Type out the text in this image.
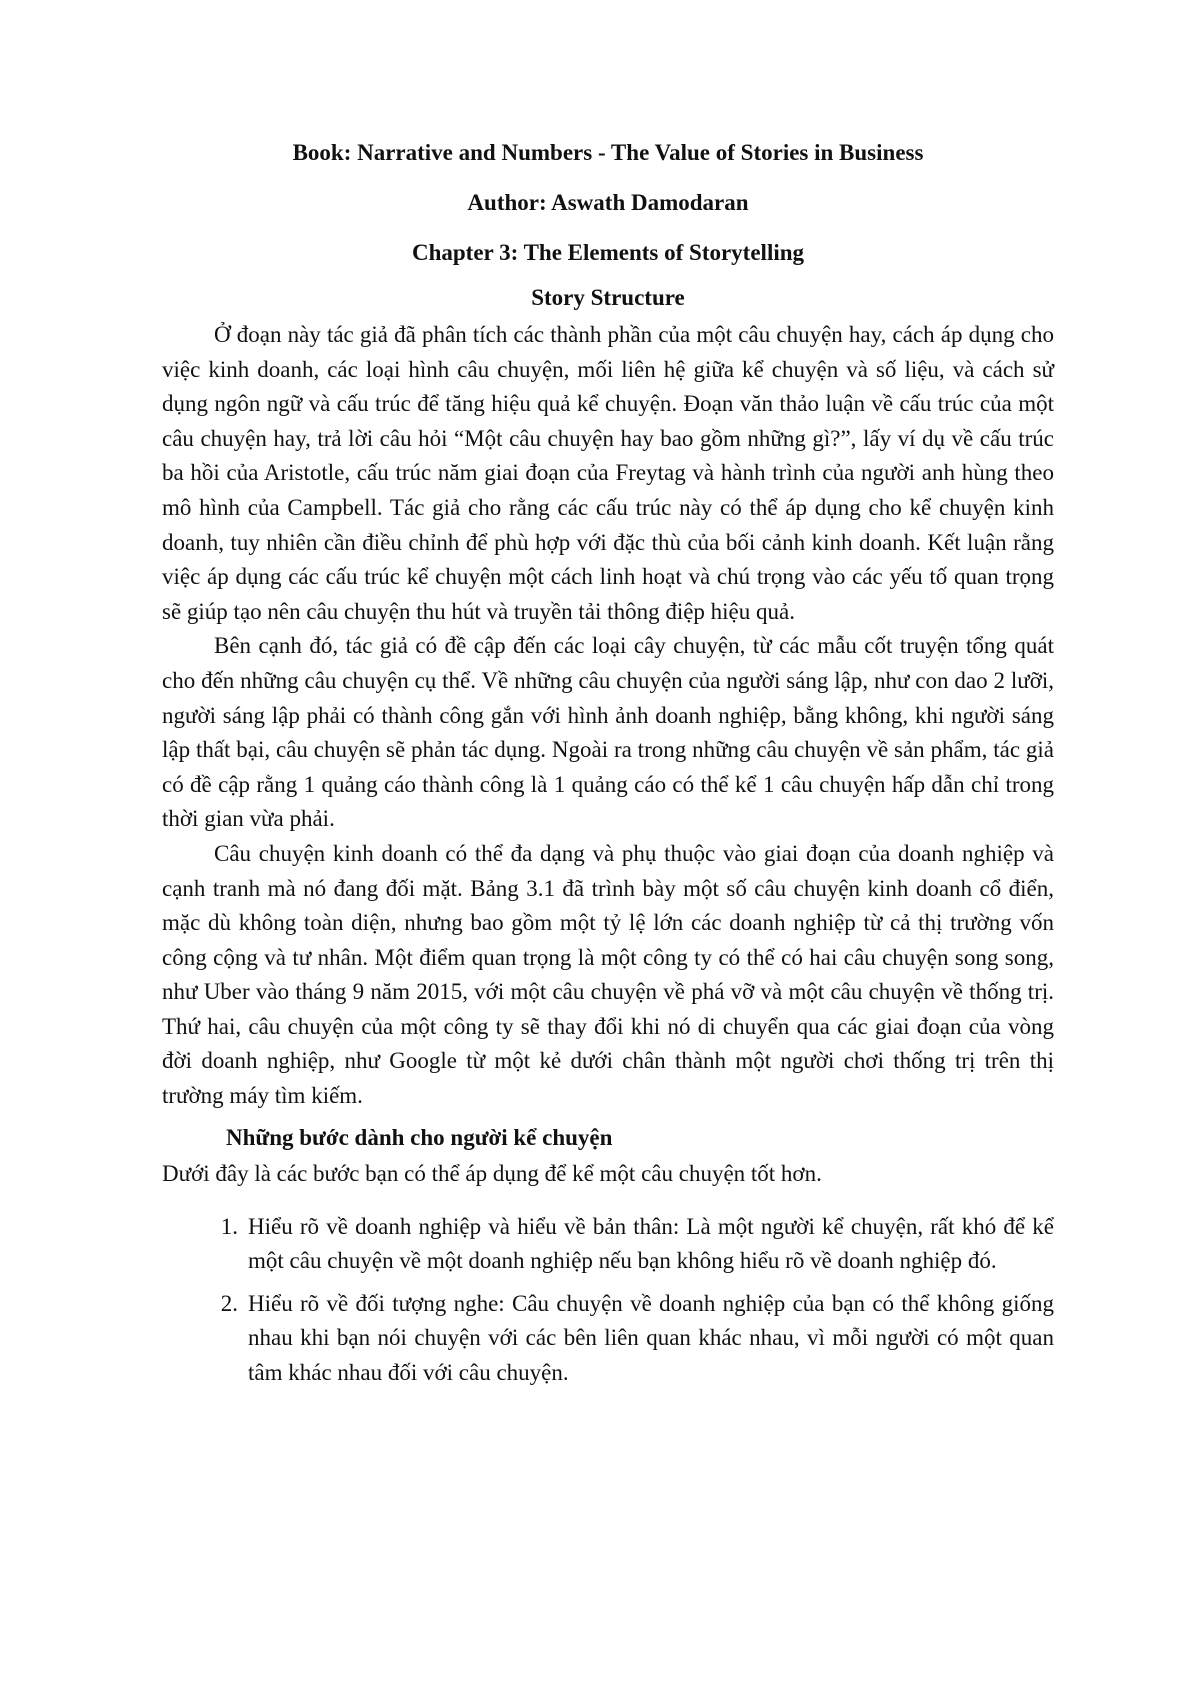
Book: Narrative and Numbers - The Value of Stories in Business

Author: Aswath Damodaran

Chapter 3: The Elements of Storytelling

Story Structure

Ở đoạn này tác giả đã phân tích các thành phần của một câu chuyện hay, cách áp dụng cho việc kinh doanh, các loại hình câu chuyện, mối liên hệ giữa kể chuyện và số liệu, và cách sử dụng ngôn ngữ và cấu trúc để tăng hiệu quả kể chuyện. Đoạn văn thảo luận về cấu trúc của một câu chuyện hay, trả lời câu hỏi “Một câu chuyện hay bao gồm những gì?”, lấy ví dụ về cấu trúc ba hồi của Aristotle, cấu trúc năm giai đoạn của Freytag và hành trình của người anh hùng theo mô hình của Campbell. Tác giả cho rằng các cấu trúc này có thể áp dụng cho kể chuyện kinh doanh, tuy nhiên cần điều chỉnh để phù hợp với đặc thù của bối cảnh kinh doanh. Kết luận rằng việc áp dụng các cấu trúc kể chuyện một cách linh hoạt và chú trọng vào các yếu tố quan trọng sẽ giúp tạo nên câu chuyện thu hút và truyền tải thông điệp hiệu quả.

Bên cạnh đó, tác giả có đề cập đến các loại cây chuyện, từ các mẫu cốt truyện tổng quát cho đến những câu chuyện cụ thể. Về những câu chuyện của người sáng lập, như con dao 2 lưỡi, người sáng lập phải có thành công gắn với hình ảnh doanh nghiệp, bằng không, khi người sáng lập thất bại, câu chuyện sẽ phản tác dụng. Ngoài ra trong những câu chuyện về sản phẩm, tác giả có đề cập rằng 1 quảng cáo thành công là 1 quảng cáo có thể kể 1 câu chuyện hấp dẫn chỉ trong thời gian vừa phải.

Câu chuyện kinh doanh có thể đa dạng và phụ thuộc vào giai đoạn của doanh nghiệp và cạnh tranh mà nó đang đối mặt. Bảng 3.1 đã trình bày một số câu chuyện kinh doanh cổ điển, mặc dù không toàn diện, nhưng bao gồm một tỷ lệ lớn các doanh nghiệp từ cả thị trường vốn công cộng và tư nhân. Một điểm quan trọng là một công ty có thể có hai câu chuyện song song, như Uber vào tháng 9 năm 2015, với một câu chuyện về phá vỡ và một câu chuyện về thống trị. Thứ hai, câu chuyện của một công ty sẽ thay đổi khi nó di chuyển qua các giai đoạn của vòng đời doanh nghiệp, như Google từ một kẻ dưới chân thành một người chơi thống trị trên thị trường máy tìm kiếm.

Những bước dành cho người kể chuyện

Dưới đây là các bước bạn có thể áp dụng để kể một câu chuyện tốt hơn.

1. Hiểu rõ về doanh nghiệp và hiểu về bản thân: Là một người kể chuyện, rất khó để kể một câu chuyện về một doanh nghiệp nếu bạn không hiểu rõ về doanh nghiệp đó.
2. Hiểu rõ về đối tượng nghe: Câu chuyện về doanh nghiệp của bạn có thể không giống nhau khi bạn nói chuyện với các bên liên quan khác nhau, vì mỗi người có một quan tâm khác nhau đối với câu chuyện.
